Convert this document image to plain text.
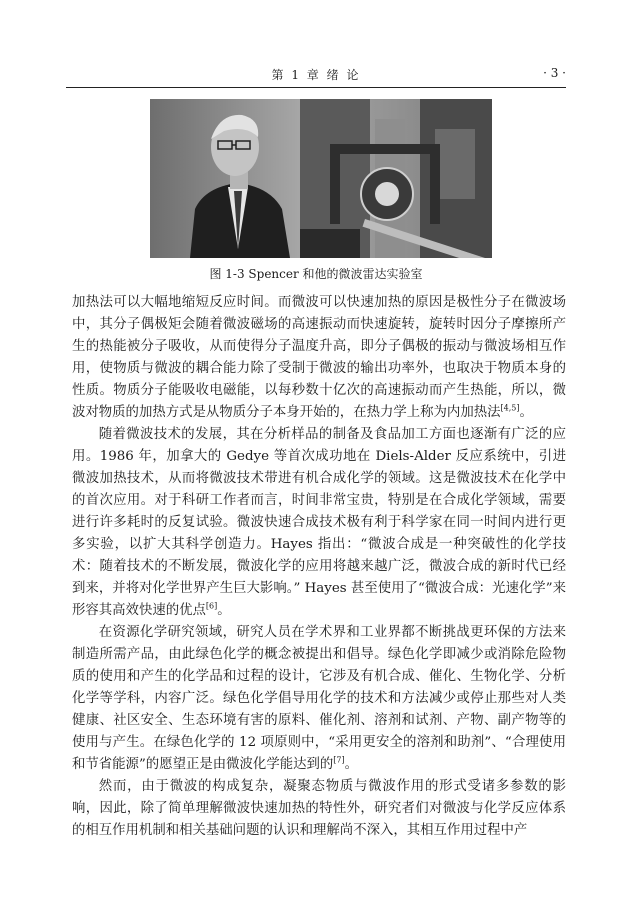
第 1 章 绪 论	· 3 ·
图 1-3 Spencer 和他的微波雷达实验室

加热法可以大幅地缩短反应时间。而微波可以快速加热的原因是极性分子在微波场中，其分子偶极矩会随着微波磁场的高速振动而快速旋转，旋转时因分子摩擦所产生的热能被分子吸收，从而使得分子温度升高，即分子偶极的振动与微波场相互作用，使物质与微波的耦合能力除了受制于微波的输出功率外，也取决于物质本身的性质。物质分子能吸收电磁能，以每秒数十亿次的高速振动而产生热能，所以，微波对物质的加热方式是从物质分子本身开始的，在热力学上称为内加热法[4,5]。

随着微波技术的发展，其在分析样品的制备及食品加工方面也逐渐有广泛的应用。1986 年，加拿大的 Gedye 等首次成功地在 Diels-Alder 反应系统中，引进微波加热技术，从而将微波技术带进有机合成化学的领域。这是微波技术在化学中的首次应用。对于科研工作者而言，时间非常宝贵，特别是在合成化学领域，需要进行许多耗时的反复试验。微波快速合成技术极有利于科学家在同一时间内进行更多实验，以扩大其科学创造力。Hayes 指出：“微波合成是一种突破性的化学技术：随着技术的不断发展，微波化学的应用将越来越广泛，微波合成的新时代已经到来，并将对化学世界产生巨大影响。” Hayes 甚至使用了“微波合成：光速化学”来形容其高效快速的优点[6]。

在资源化学研究领域，研究人员在学术界和工业界都不断挑战更环保的方法来制造所需产品，由此绿色化学的概念被提出和倡导。绿色化学即减少或消除危险物质的使用和产生的化学品和过程的设计，它涉及有机合成、催化、生物化学、分析化学等学科，内容广泛。绿色化学倡导用化学的技术和方法减少或停止那些对人类健康、社区安全、生态环境有害的原料、催化剂、溶剂和试剂、产物、副产物等的使用与产生。在绿色化学的 12 项原则中，“采用更安全的溶剂和助剂”、“合理使用和节省能源”的愿望正是由微波化学能达到的[7]。

然而，由于微波的构成复杂，凝聚态物质与微波作用的形式受诸多参数的影响，因此，除了简单理解微波快速加热的特性外，研究者们对微波与化学反应体系的相互作用机制和相关基础问题的认识和理解尚不深入，其相互作用过程中产
